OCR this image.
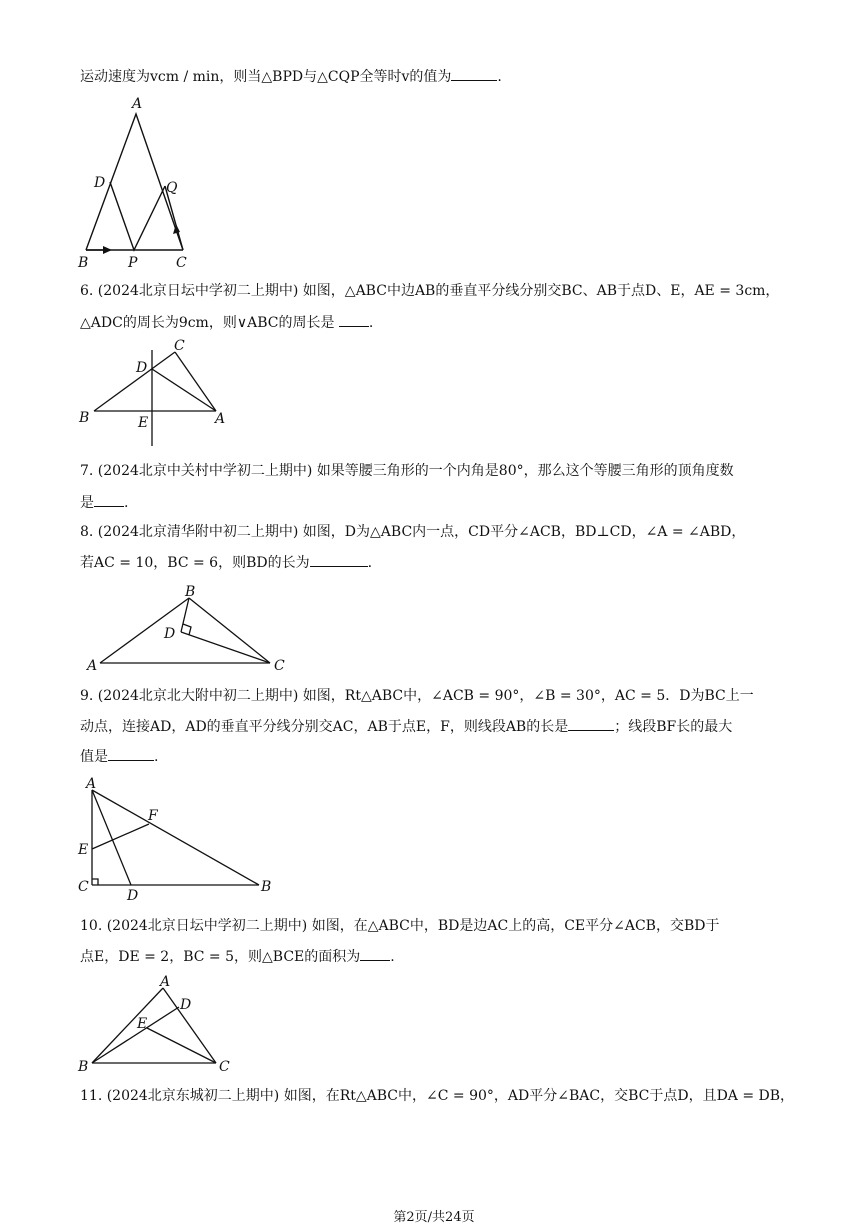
运动速度为vcm / min，则当△BPD与△CQP全等时v的值为	.
A
D	Q
B	P	C
6. (2024北京日坛中学初二上期中) 如图，△ABC中边AB的垂直平分线分别交BC、AB于点D、E，AE = 3cm，
△ADC的周长为9cm，则∨ABC的周长是 .
C
D
B	E	A
7. (2024北京中关村中学初二上期中) 如果等腰三角形的一个内角是80°，那么这个等腰三角形的顶角度数
是 .
8. (2024北京清华附中初二上期中) 如图，D为△ABC内一点，CD平分∠ACB，BD⊥CD，∠A = ∠ABD，
若AC = 10，BC = 6，则BD的长为	.
B
D
A	C
9. (2024北京北大附中初二上期中) 如图，Rt△ABC中，∠ACB = 90°，∠B = 30°，AC = 5．D为BC上一
动点，连接AD，AD的垂直平分线分别交AC，AB于点E，F，则线段AB的长是	；线段BF长的最大
值是	.
A
F
E
C
D
B
10. (2024北京日坛中学初二上期中) 如图，在△ABC中，BD是边AC上的高，CE平分∠ACB，交BD于
点E，DE = 2，BC = 5，则△BCE的面积为 .
A
D
E
B	C
11. (2024北京东城初二上期中) 如图，在Rt△ABC中，∠C = 90°，AD平分∠BAC，交BC于点D，且DA = DB，
第2页/共24页
